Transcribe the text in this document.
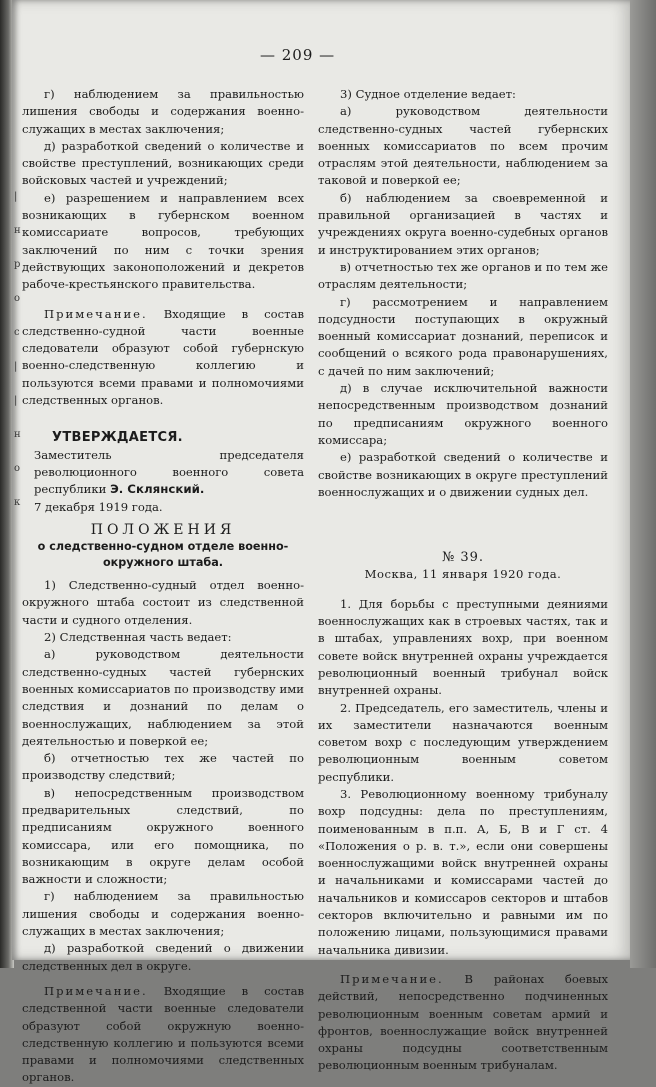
|
н
р
о
с
|
|
н
о
к
— 209 —

г) наблюдением за правильностью лишения свободы и содержания военно-служащих в местах заключения;

д) разработкой сведений о количестве и свойстве преступлений, возникающих среди войсковых частей и учреждений;

е) разрешением и направлением всех возникающих в губернском военном комиссариате вопросов, требующих заключений по ним с точки зрения действующих законоположений и декретов рабоче-крестьянского правительства.

Примечание. Входящие в состав следственно-судной части военные следователи образуют собой губернскую военно-следственную коллегию и пользуются всеми правами и полномочиями следственных органов.

УТВЕРЖДАЕТСЯ.

Заместитель председателя революционного военного совета республики Э. Склянский.

7 декабря 1919 года.

ПОЛОЖЕНИЯ

о следственно-судном отделе военно-окружного штаба.

1) Следственно-судный отдел военно-окружного штаба состоит из следственной части и судного отделения.

2) Следственная часть ведает:

а) руководством деятельности следственно-судных частей губернских военных комиссариатов по производству ими следствия и дознаний по делам о военнослужащих, наблюдением за этой деятельностью и поверкой ее;

б) отчетностью тех же частей по производству следствий;

в) непосредственным производством предварительных следствий, по предписаниям окружного военного комиссара, или его помощника, по возникающим в округе делам особой важности и сложности;

г) наблюдением за правильностью лишения свободы и содержания военно-служащих в местах заключения;

д) разработкой сведений о движении следственных дел в округе.

Примечание. Входящие в состав следственной части военные следователи образуют собой окружную военно-следственную коллегию и пользуются всеми правами и полномочиями следственных органов.

3) Судное отделение ведает:

а) руководством деятельности следственно-судных частей губернских военных комиссариатов по всем прочим отраслям этой деятельности, наблюдением за таковой и поверкой ее;

б) наблюдением за своевременной и правильной организацией в частях и учреждениях округа военно-судебных органов и инструктированием этих органов;

в) отчетностью тех же органов и по тем же отраслям деятельности;

г) рассмотрением и направлением подсудности поступающих в окружный военный комиссариат дознаний, переписок и сообщений о всякого рода правонарушениях, с дачей по ним заключений;

д) в случае исключительной важности непосредственным производством дознаний по предписаниям окружного военного комиссара;

е) разработкой сведений о количестве и свойстве возникающих в округе преступлений военнослужащих и о движении судных дел.

№ 39.

Москва, 11 января 1920 года.

1. Для борьбы с преступными деяниями военнослужащих как в строевых частях, так и в штабах, управлениях вохр, при военном совете войск внутренней охраны учреждается революционный военный трибунал войск внутренней охраны.

2. Председатель, его заместитель, члены и их заместители назначаются военным советом вохр с последующим утверждением революционным военным советом республики.

3. Революционному военному трибуналу вохр подсудны: дела по преступлениям, поименованным в п.п. А, Б, В и Г ст. 4 «Положения о р. в. т.», если они совершены военнослужащими войск внутренней охраны и начальниками и комиссарами частей до начальников и комиссаров секторов и штабов секторов включительно и равными им по положению лицами, пользующимися правами начальника дивизии.

Примечание. В районах боевых действий, непосредственно подчиненных революционным военным советам армий и фронтов, военнослужащие войск внутренней охраны подсудны соответственным революционным военным трибуналам.
